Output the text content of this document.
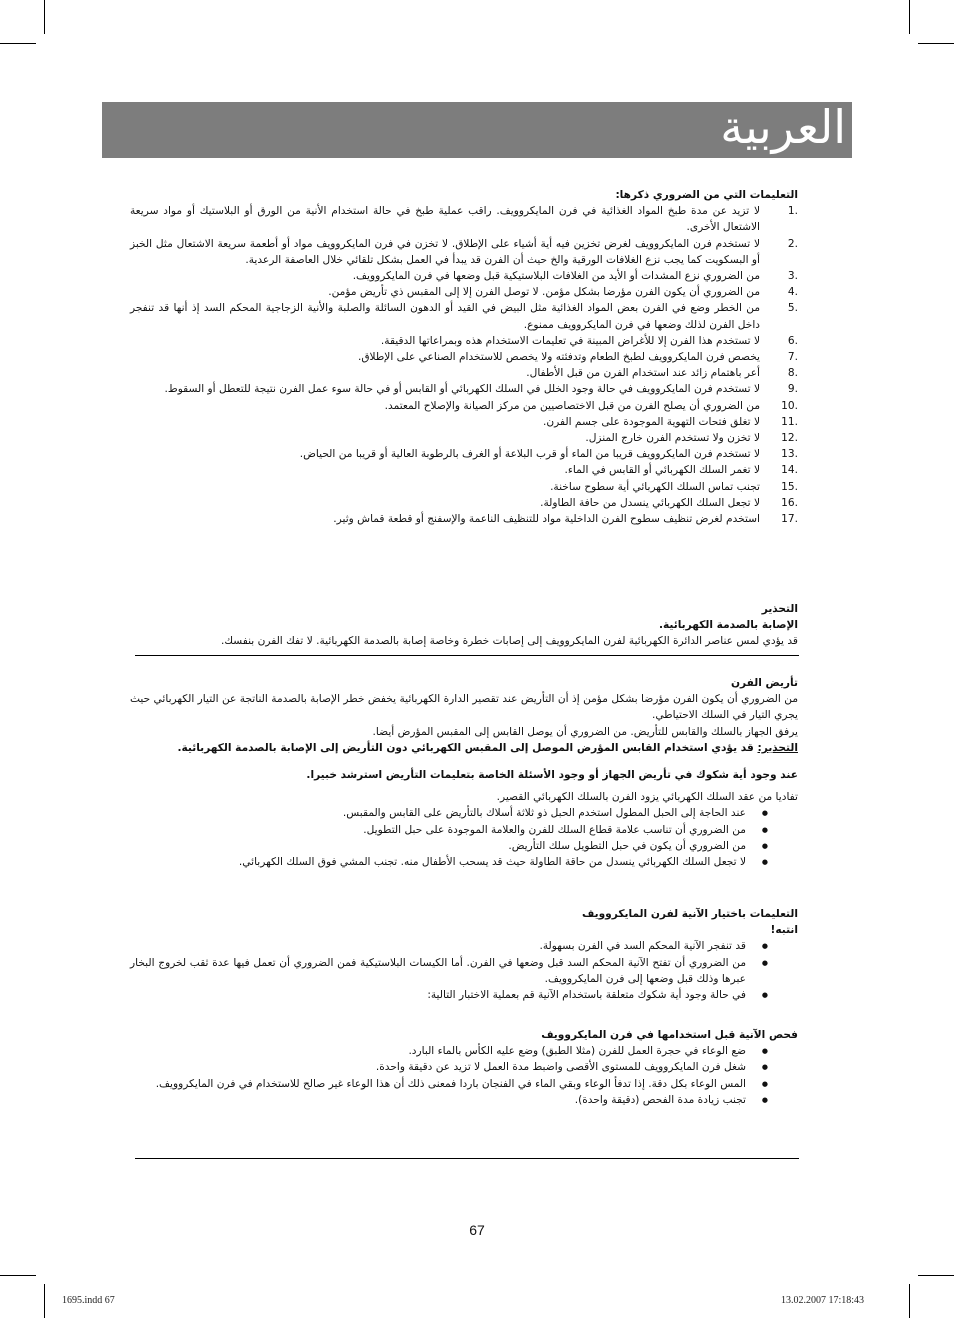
العربية

التعليمات التي من الضروري ذكرها:

1.
لا تزيد عن مدة طبخ المواد الغذائية في فرن المايكروويف. راقب عملية طبخ في حالة استخدام الأنية من الورق أو البلاستيك أو مواد سريعة الاشتعال الأخرى.
2.
لا تستخدم فرن المايكروويف لغرض تخزين فيه أية أشياء على الإطلاق. لا تخزن في فرن المايكروويف مواد أو أطعمة سريعة الاشتعال مثل الخبز أو البسكويت كما يجب نزع الغلافات الورقية والخ حيث أن الفرن قد يبدأ في العمل بشكل تلقائي خلال العاصفة الرعدية.
3.
من الضروري نزع المشدات أو الأيد من الغلافات البلاستيكية قبل وضعها في فرن المايكروويف.
4.
من الضروري أن يكون الفرن مؤرضا بشكل مؤمن. لا توصل الفرن إلا إلى المقبس ذي تأريض مؤمن.
5.
من الخطر وضع في الفرن بعض المواد الغذائية مثل البيض في القيد أو الدهون السائلة والصلبة والأنية الزجاجية المحكم السد إذ أنها قد تنفجر داخل الفرن لذلك وضعها في فرن المايكروويف ممنوع.
6.
لا تستخدم هذا الفرن إلا للأغراض المبينة في تعليمات الاستخدام هذه وبمراعاتها الدقيقة.
7.
يخصص فرن المايكروويف لطبخ الطعام وتدفئته ولا يخصص للاستخدام الصناعي على الإطلاق.
8.
أعر باهتمام زائد عند استخدام الفرن من قبل الأطفال.
9.
لا تستخدم فرن المايكروويف في حالة وجود الخلل في السلك الكهربائي أو القابس أو في حالة سوء عمل الفرن نتيجة للتعطل أو السقوط.
10.
من الضروري أن يصلح الفرن من قبل الاختصاصيين من مركز الصيانة والإصلاح المعتمد.
11.
لا تغلق فتحات التهوية الموجودة على جسم الفرن.
12.
لا تخزن ولا تستخدم الفرن خارج المنزل.
13.
لا تستخدم فرن المايكروويف قريبا من الماء أو قرب البلاعة أو الغرف بالرطوبة العالية أو قريبا من الحياض.
14.
لا تغمر السلك الكهربائي أو القابس في الماء.
15.
تجنب تماس السلك الكهربائي أية سطوح ساخنة.
16.
لا تجعل السلك الكهربائي ينسدل من حافة الطاولة.
17.
استخدم لغرض تنظيف سطوح الفرن الداخلية مواد للتنظيف الناعمة والإسفنج أو قطعة قماش وثير.

التحذير

الإصابة بالصدمة الكهربائية.

قد يؤدي لمس عناصر الدائرة الكهربائية لفرن المايكروويف إلى إصابات خطرة وخاصة إصابة بالصدمة الكهربائية. لا تفك الفرن بنفسك.

تأريض الفرن

من الضروري أن يكون الفرن مؤرضا بشكل مؤمن إذ أن التأريض عند تقصير الدارة الكهربائية يخفض خطر الإصابة بالصدمة الناتجة عن التيار الكهربائي حيث يجري التيار في السلك الاحتياطي.

يرفق الجهاز بالسلك والقابس للتأريض. من الضروري أن يوصل القابس إلى المقبس المؤرض أيضا.

التحذير: قد يؤدي استخدام القابس المؤرض الموصل إلى المقبس الكهربائي دون التأريض إلى الإصابة بالصدمة الكهربائية.

عند وجود أية شكوك في تأريض الجهاز أو وجود الأسئلة الخاصة بتعليمات التأريض استرشد خبيرا.

تفاديا من عقد السلك الكهربائي يزود الفرن بالسلك الكهربائي القصير.

● عند الحاجة إلى الحبل المطول استخدم الحبل ذو ثلاثة أسلاك بالتأريض على القابس والمقبس.
● من الضروري أن تناسب علامة قطاع السلك للفرن والعلامة الموجودة على حبل التطويل.
● من الضروري أن يكون في حبل التطويل سلك التأريض.
● لا تجعل السلك الكهربائي ينسدل من حاقة الطاولة حيث قد يسحب الأطفال منه. تجنب المشي فوق السلك الكهربائي.

التعليمات باختيار الآنية لفرن المايكروويف

انتبه!

● قد تنفجر الآنية المحكم السد في الفرن بسهولة.
● من الضروري أن تفتح الآنية المحكم السد قبل وضعها في الفرن. أما الكيسات البلاستيكية فمن الضروري أن تعمل فيها عدة ثقب لخروج البخار عبرها وذلك قبل وضعها إلى فرن المايكروويف.
● في حالة وجود أية شكوك متعلقة باستخدام الآنية قم بعملية الاختبار التالية:

فحص الآنية قبل استخدامها في فرن المايكروويف

● ضع الوعاء في حجرة العمل للفرن (مثلا الطبق) وضع عليه الكأس بالماء البارد.
● شغل فرن المايكروويف للمستوى الأقصى واضبط مدة العمل لا تزيد عن دقيقة واحدة.
● المس الوعاء بكل دقة. إذا تدفأ الوعاء وبقي الماء في الفنجان باردا فمعنى ذلك أن هذا الوعاء غير صالح للاستخدام في فرن المايكروويف.
● تجنب زيادة مدة الفحص (دقيقة واحدة).
67
1695.indd 67	13.02.2007 17:18:43
